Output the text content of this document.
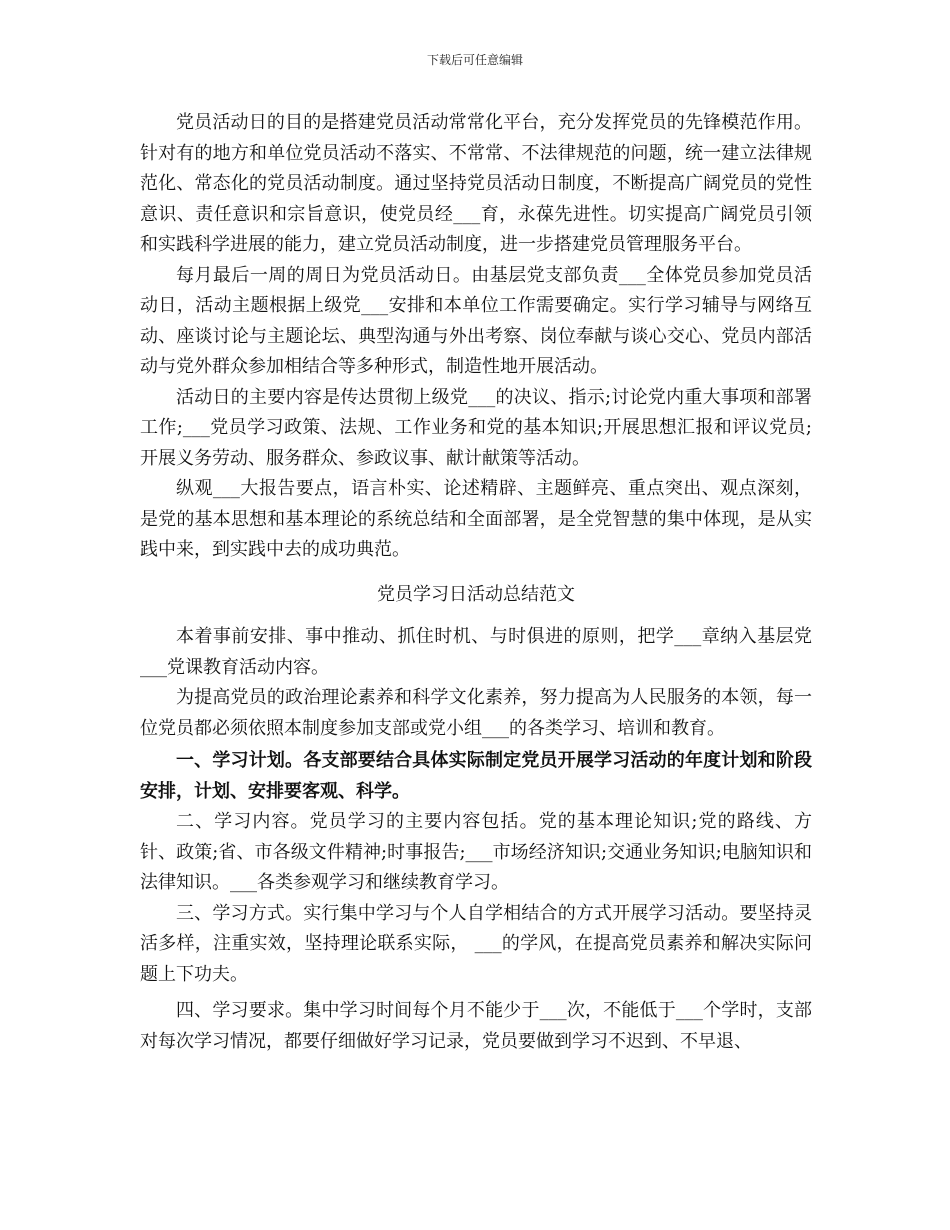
下载后可任意编辑

党员活动日的目的是搭建党员活动常常化平台，充分发挥党员的先锋模范作用。针对有的地方和单位党员活动不落实、不常常、不法律规范的问题，统一建立法律规范化、常态化的党员活动制度。通过坚持党员活动日制度，不断提高广阔党员的党性意识、责任意识和宗旨意识，使党员经___育，永葆先进性。切实提高广阔党员引领和实践科学进展的能力，建立党员活动制度，进一步搭建党员管理服务平台。

每月最后一周的周日为党员活动日。由基层党支部负责___全体党员参加党员活动日，活动主题根据上级党___安排和本单位工作需要确定。实行学习辅导与网络互动、座谈讨论与主题论坛、典型沟通与外出考察、岗位奉献与谈心交心、党员内部活动与党外群众参加相结合等多种形式，制造性地开展活动。

活动日的主要内容是传达贯彻上级党___的决议、指示;讨论党内重大事项和部署工作;___党员学习政策、法规、工作业务和党的基本知识;开展思想汇报和评议党员;开展义务劳动、服务群众、参政议事、献计献策等活动。

纵观___大报告要点，语言朴实、论述精辟、主题鲜亮、重点突出、观点深刻，是党的基本思想和基本理论的系统总结和全面部署，是全党智慧的集中体现，是从实践中来，到实践中去的成功典范。

党员学习日活动总结范文

本着事前安排、事中推动、抓住时机、与时俱进的原则，把学___章纳入基层党___党课教育活动内容。

为提高党员的政治理论素养和科学文化素养，努力提高为人民服务的本领，每一位党员都必须依照本制度参加支部或党小组___的各类学习、培训和教育。

一、学习计划。各支部要结合具体实际制定党员开展学习活动的年度计划和阶段安排，计划、安排要客观、科学。

二、学习内容。党员学习的主要内容包括。党的基本理论知识;党的路线、方针、政策;省、市各级文件精神;时事报告;___市场经济知识;交通业务知识;电脑知识和法律知识。___各类参观学习和继续教育学习。

三、学习方式。实行集中学习与个人自学相结合的方式开展学习活动。要坚持灵活多样，注重实效，坚持理论联系实际， ___的学风，在提高党员素养和解决实际问题上下功夫。

四、学习要求。集中学习时间每个月不能少于___次，不能低于___个学时，支部对每次学习情况，都要仔细做好学习记录，党员要做到学习不迟到、不早退、
